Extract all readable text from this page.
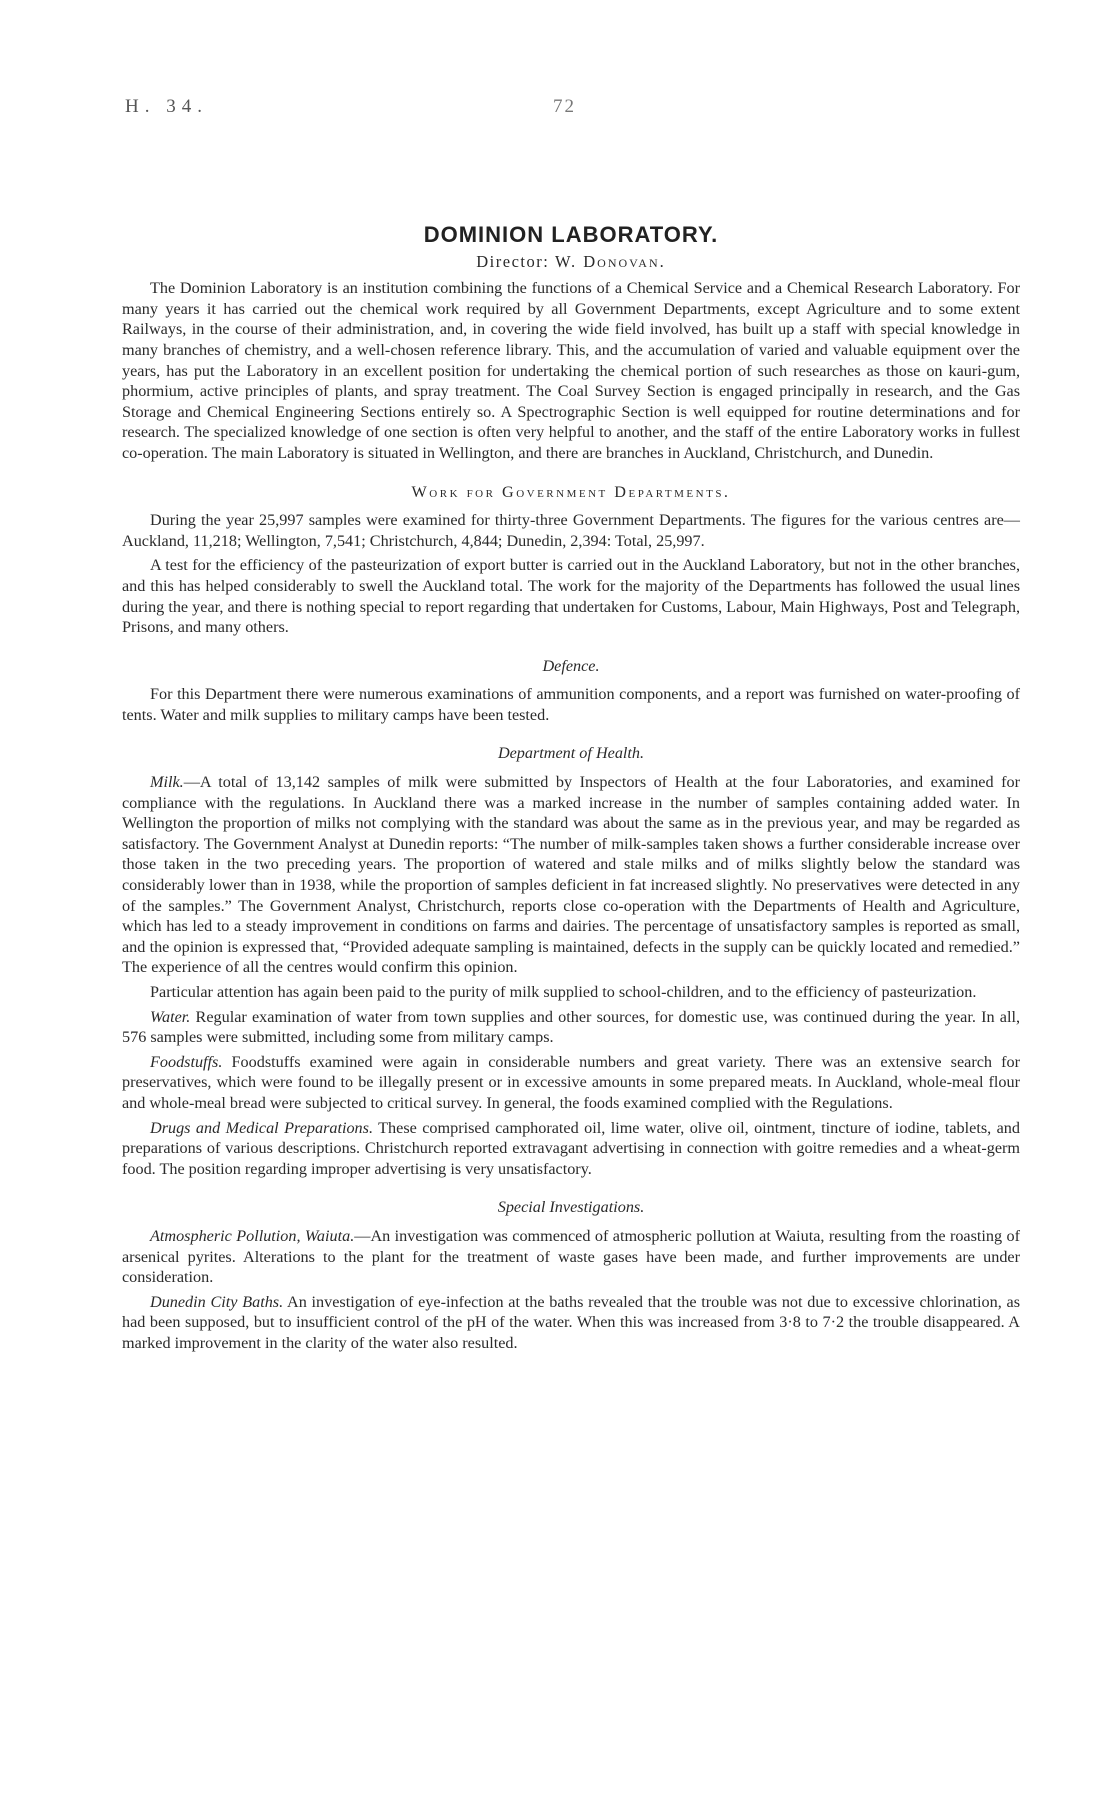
H. 34.	72
DOMINION LABORATORY.
Director: W. Donovan.

The Dominion Laboratory is an institution combining the functions of a Chemical Service and a Chemical Research Laboratory. For many years it has carried out the chemical work required by all Government Departments, except Agriculture and to some extent Railways, in the course of their administration, and, in covering the wide field involved, has built up a staff with special knowledge in many branches of chemistry, and a well-chosen reference library. This, and the accumulation of varied and valuable equipment over the years, has put the Laboratory in an excellent position for undertaking the chemical portion of such researches as those on kauri-gum, phormium, active principles of plants, and spray treatment. The Coal Survey Section is engaged principally in research, and the Gas Storage and Chemical Engineering Sections entirely so. A Spectrographic Section is well equipped for routine determinations and for research. The specialized knowledge of one section is often very helpful to another, and the staff of the entire Laboratory works in fullest co-operation. The main Laboratory is situated in Wellington, and there are branches in Auckland, Christchurch, and Dunedin.

Work for Government Departments.

During the year 25,997 samples were examined for thirty-three Government Departments. The figures for the various centres are—Auckland, 11,218; Wellington, 7,541; Christchurch, 4,844; Dunedin, 2,394: Total, 25,997.

A test for the efficiency of the pasteurization of export butter is carried out in the Auckland Laboratory, but not in the other branches, and this has helped considerably to swell the Auckland total. The work for the majority of the Departments has followed the usual lines during the year, and there is nothing special to report regarding that undertaken for Customs, Labour, Main Highways, Post and Telegraph, Prisons, and many others.

Defence.

For this Department there were numerous examinations of ammunition components, and a report was furnished on water-proofing of tents. Water and milk supplies to military camps have been tested.

Department of Health.

Milk.—A total of 13,142 samples of milk were submitted by Inspectors of Health at the four Laboratories, and examined for compliance with the regulations. In Auckland there was a marked increase in the number of samples containing added water. In Wellington the proportion of milks not complying with the standard was about the same as in the previous year, and may be regarded as satisfactory. The Government Analyst at Dunedin reports: “The number of milk-samples taken shows a further considerable increase over those taken in the two preceding years. The proportion of watered and stale milks and of milks slightly below the standard was considerably lower than in 1938, while the proportion of samples deficient in fat increased slightly. No preservatives were detected in any of the samples.” The Government Analyst, Christchurch, reports close co-operation with the Departments of Health and Agriculture, which has led to a steady improvement in conditions on farms and dairies. The percentage of unsatisfactory samples is reported as small, and the opinion is expressed that, “Provided adequate sampling is maintained, defects in the supply can be quickly located and remedied.” The experience of all the centres would confirm this opinion.

Particular attention has again been paid to the purity of milk supplied to school-children, and to the efficiency of pasteurization.

Water. Regular examination of water from town supplies and other sources, for domestic use, was continued during the year. In all, 576 samples were submitted, including some from military camps.

Foodstuffs. Foodstuffs examined were again in considerable numbers and great variety. There was an extensive search for preservatives, which were found to be illegally present or in excessive amounts in some prepared meats. In Auckland, whole-meal flour and whole-meal bread were subjected to critical survey. In general, the foods examined complied with the Regulations.

Drugs and Medical Preparations. These comprised camphorated oil, lime water, olive oil, ointment, tincture of iodine, tablets, and preparations of various descriptions. Christchurch reported extravagant advertising in connection with goitre remedies and a wheat-germ food. The position regarding improper advertising is very unsatisfactory.

Special Investigations.

Atmospheric Pollution, Waiuta.—An investigation was commenced of atmospheric pollution at Waiuta, resulting from the roasting of arsenical pyrites. Alterations to the plant for the treatment of waste gases have been made, and further improvements are under consideration.

Dunedin City Baths. An investigation of eye-infection at the baths revealed that the trouble was not due to excessive chlorination, as had been supposed, but to insufficient control of the pH of the water. When this was increased from 3·8 to 7·2 the trouble disappeared. A marked improvement in the clarity of the water also resulted.
